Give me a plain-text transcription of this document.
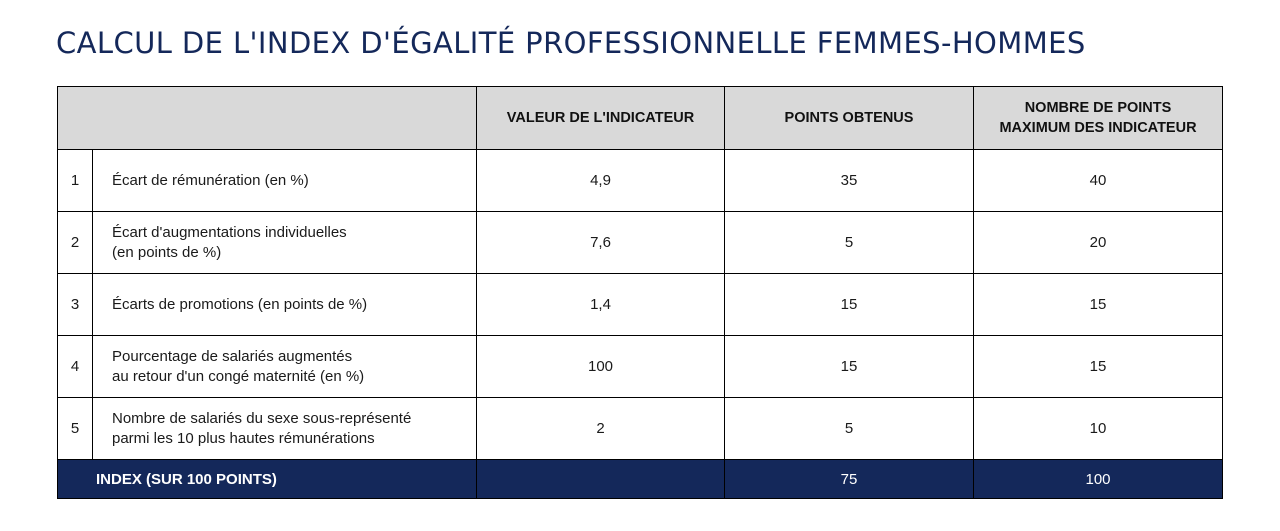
CALCUL DE L'INDEX D'ÉGALITÉ PROFESSIONNELLE FEMMES-HOMMES
		VALEUR DE L'INDICATEUR	POINTS OBTENUS	NOMBRE DE POINTS
MAXIMUM DES INDICATEUR

1	Écart de rémunération (en %)	4,9	35	40
2	Écart d'augmentations individuelles
(en points de %)	7,6	5	20
3	Écarts de promotions (en points de %)	1,4	15	15
4	Pourcentage de salariés augmentés
au retour d'un congé maternité (en %)	100	15	15
5	Nombre de salariés du sexe sous-représenté
parmi les 10 plus hautes rémunérations	2	5	10
INDEX (SUR 100 POINTS)			75	100
